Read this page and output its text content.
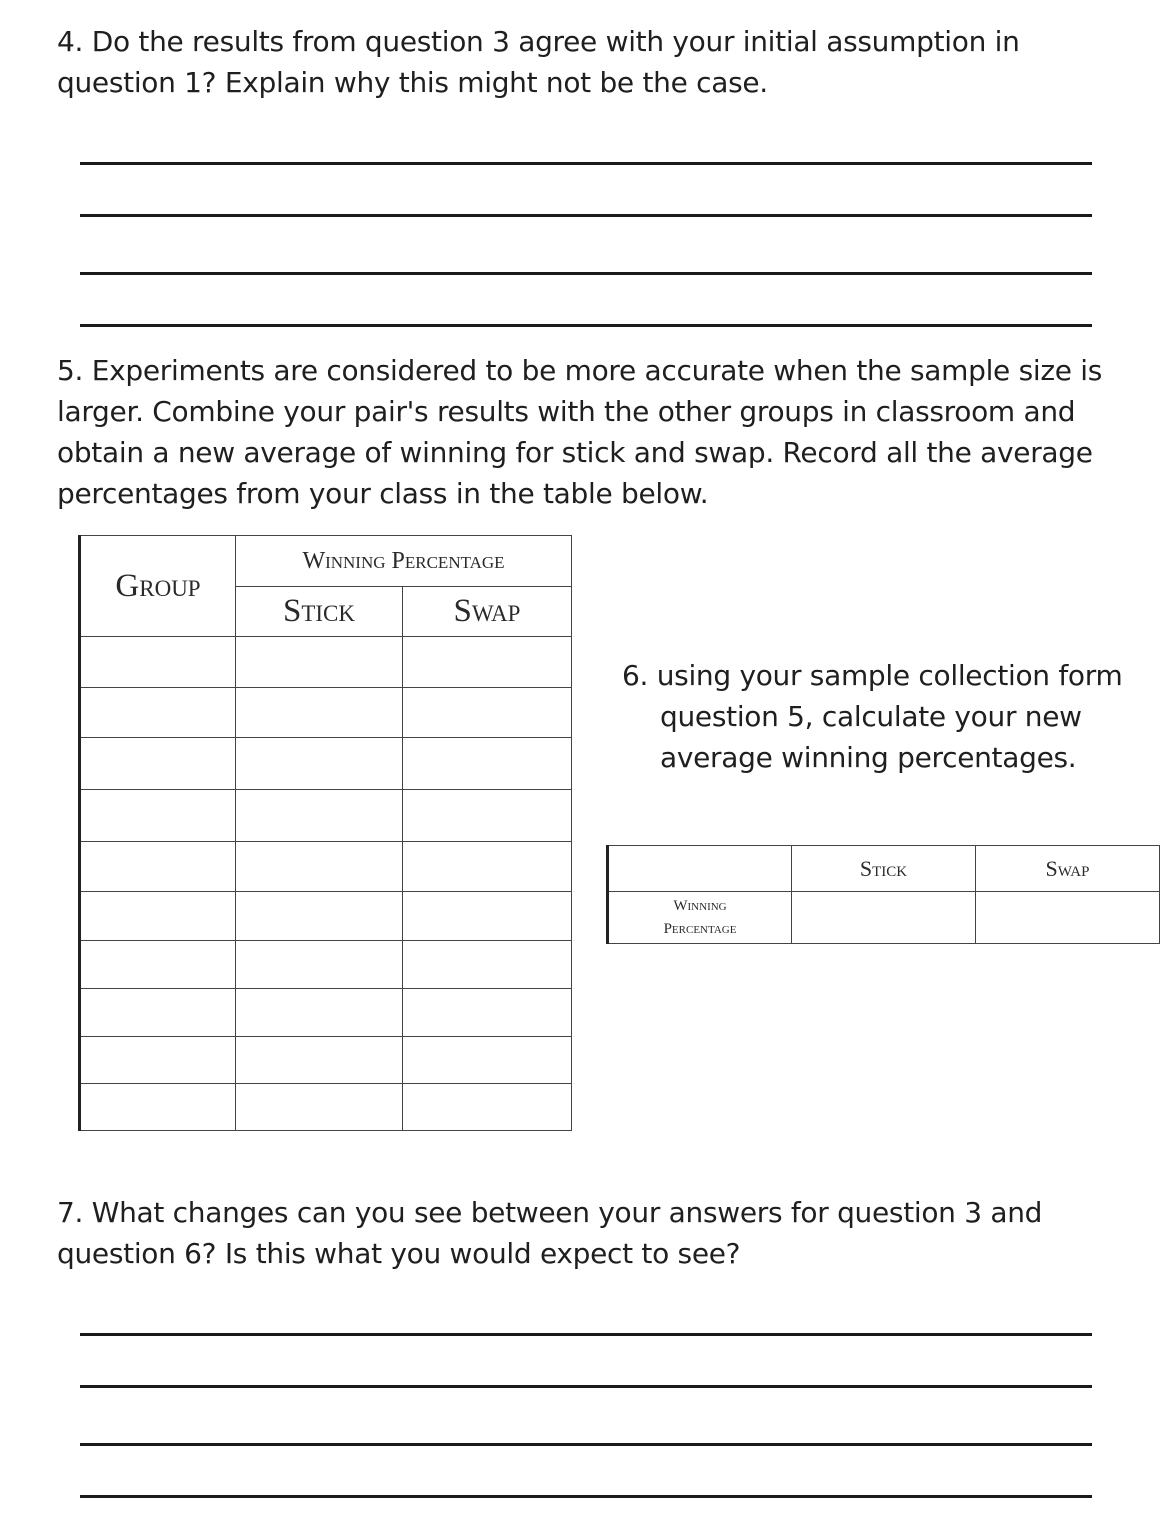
4. Do the results from question 3 agree with your initial assumption in question 1? Explain why this might not be the case.

5. Experiments are considered to be more accurate when the sample size is larger. Combine your pair's results with the other groups in classroom and obtain a new average of winning for stick and swap. Record all the average percentages from your class in the table below.

Group	Winning Percentage	
	Stick	Swap

6. using your sample collection form
question 5, calculate your new
average winning percentages.

	Stick	Swap

Winning
Percentage		

7. What changes can you see between your answers for question 3 and question 6? Is this what you would expect to see?
